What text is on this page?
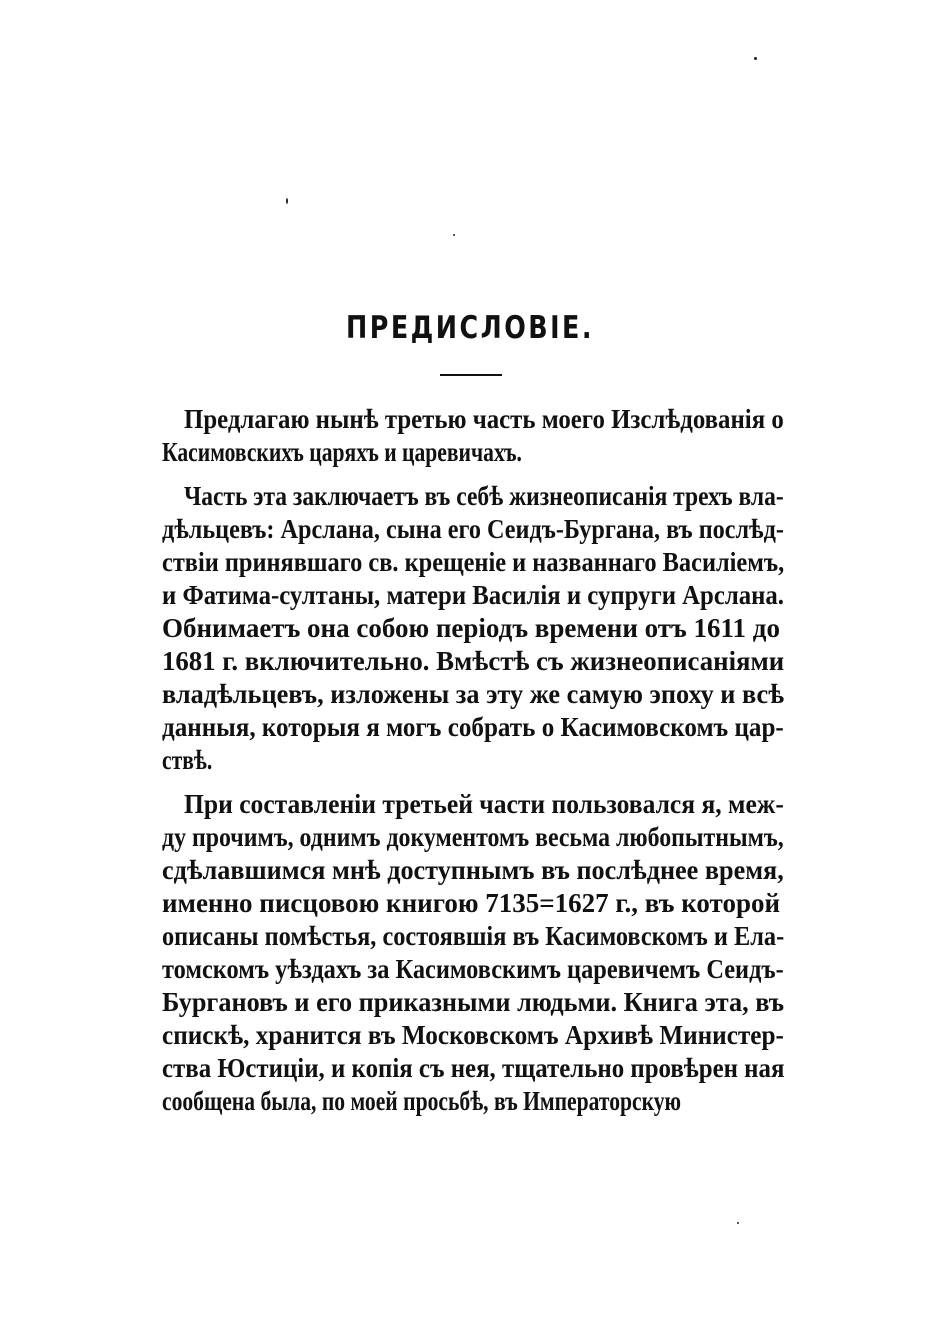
ПРЕДИСЛОВІЕ.
Предлагаю нынѣ третью часть моего Изслѣдованія о
Касимовскихъ царяхъ и царевичахъ.
Часть эта заключаетъ въ себѣ жизнеописанія трехъ вла-
дѣльцевъ: Арслана, сына его Сеидъ-Бургана, въ послѣд-
ствіи принявшаго св. крещеніе и названнаго Василіемъ,
и Фатима-султаны, матери Василія и супруги Арслана.
Обнимаетъ она собою періодъ времени отъ 1611 до
1681 г. включительно. Вмѣстѣ съ жизнеописаніями
владѣльцевъ, изложены за эту же самую эпоху и всѣ
данныя, которыя я могъ собрать о Касимовскомъ цар-
ствѣ.
При составленіи третьей части пользовался я, меж-
ду прочимъ, однимъ документомъ весьма любопытнымъ,
сдѣлавшимся мнѣ доступнымъ въ послѣднее время,
именно писцовою книгою 7135=1627 г., въ которой
описаны помѣстья, состоявшія въ Касимовскомъ и Ела-
томскомъ уѣздахъ за Касимовскимъ царевичемъ Сеидъ-
Бургановъ и его приказными людьми. Книга эта, въ
спискѣ, хранится въ Московскомъ Архивѣ Министер-
ства Юстиціи, и копія съ нея, тщательно провѣрен ная
сообщена была, по моей просьбѣ, въ Императорскую
